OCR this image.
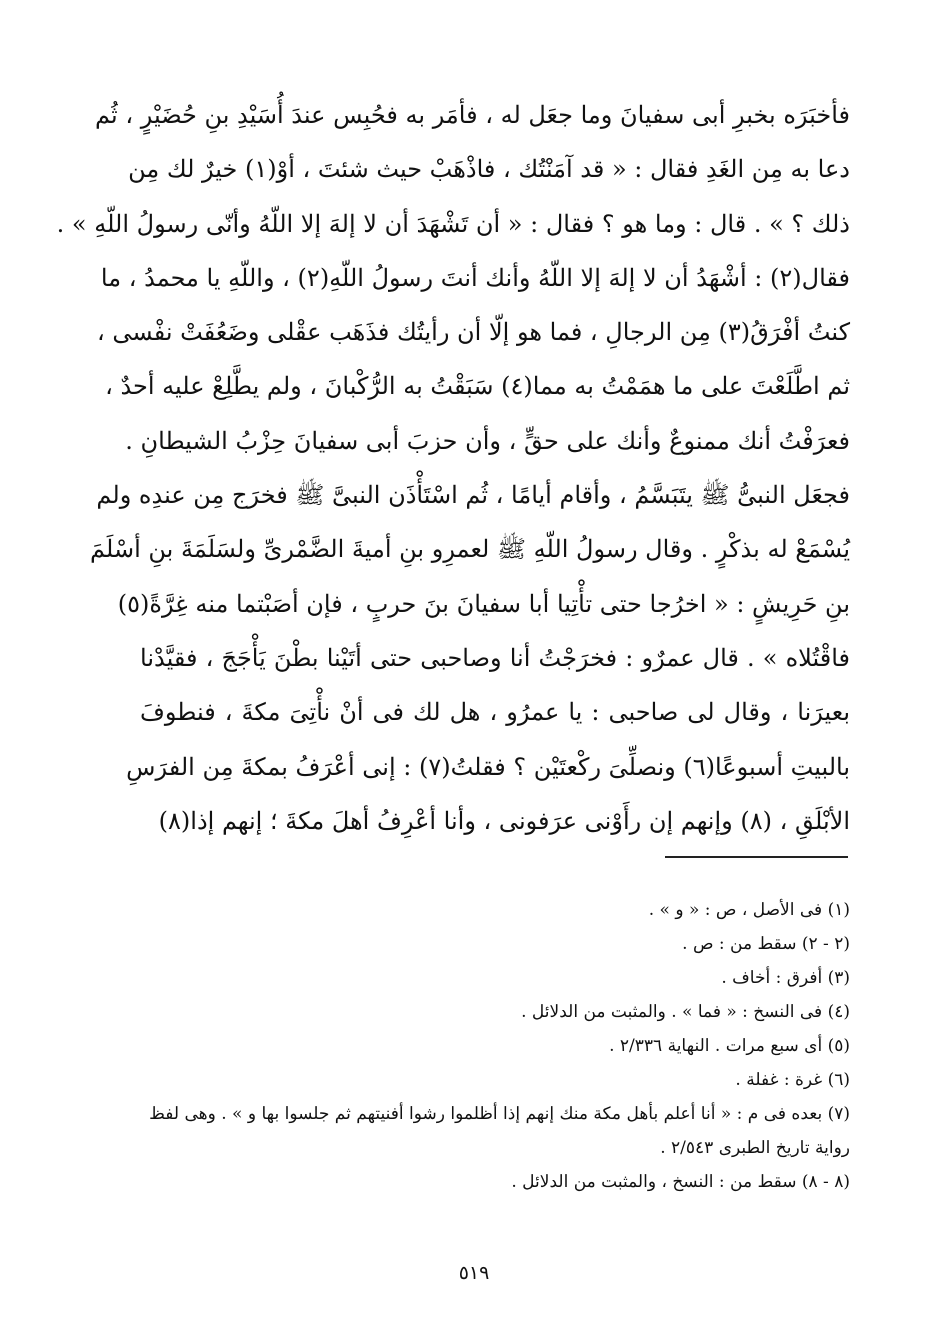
فأخبَرَه بخبرِ أبى سفيانَ وما جعَل له ، فأمَر به فحُبِس عندَ أُسَيْدِ بنِ حُضَيْرٍ ، ثُم
دعا به مِن الغَدِ فقال : « قد آمَنْتُك ، فاذْهَبْ حيث شئتَ ، أوْ(١) خيرٌ لك مِن
ذلك ؟ » . قال : وما هو ؟ فقال : « أن تَشْهَدَ أن لا إلهَ إلا اللّهُ وأنّى رسولُ اللّهِ » .
فقال(٢) : أشْهَدُ أن لا إلهَ إلا اللّهُ وأنك أنتَ رسولُ اللّهِ(٢) ، واللّهِ يا محمدُ ، ما
كنتُ أفْرَقُ(٣) مِن الرجالِ ، فما هو إلّا أن رأيتُك فذَهَب عقْلى وضَعُفَتْ نفْسى ،
ثم اطَّلَعْتَ على ما همَمْتُ به مما(٤) سَبَقْتُ به الرُّكْبانَ ، ولم يطَّلِعْ عليه أحدٌ ،
فعرَفْتُ أنك ممنوعٌ وأنك على حقٍّ ، وأن حزبَ أبى سفيانَ حِزْبُ الشيطانِ .
فجعَل النبىُّ ﷺ يتَبَسَّمُ ، وأقام أيامًا ، ثُم اسْتَأْذَن النبىَّ ﷺ فخرَج مِن عندِه ولم
يُسْمَعْ له بذكْرٍ . وقال رسولُ اللّهِ ﷺ لعمرِو بنِ أميةَ الضَّمْرىِّ ولسَلَمَةَ بنِ أسْلَمَ
بنِ حَرِيشٍ : « اخرُجا حتى تأْتِيا أبا سفيانَ بنَ حربٍ ، فإن أصَبْتما منه غِرَّةً(٥)
فاقْتُلاه » . قال عمرٌو : فخرَجْتُ أنا وصاحبى حتى أتَيْنا بطْنَ يَأْجَجَ ، فقيَّدْنا
بعيرَنا ، وقال لى صاحبى : يا عمرُو ، هل لك فى أنْ نأْتِىَ مكةَ ، فنطوفَ
بالبيتِ أسبوعًا(٦) ونصلِّىَ ركْعتَيْن ؟ فقلتُ(٧) : إنى أعْرَفُ بمكةَ مِن الفرَسِ
الأبْلَقِ ، (٨) وإنهم إن رأَوْنى عرَفونى ، وأنا أعْرِفُ أهلَ مكةَ ؛ إنهم إذا(٨)
(١) فى الأصل ، ص : « و » .
(٢ - ٢) سقط من : ص .
(٣) أفرق : أخاف .
(٤) فى النسخ : « فما » . والمثبت من الدلائل .
(٥) أى سبع مرات . النهاية ٢/٣٣٦ .
(٦) غرة : غفلة .
(٧) بعده فى م : « أنا أعلم بأهل مكة منك إنهم إذا أظلموا رشوا أفنيتهم ثم جلسوا بها و » . وهى لفظ
رواية تاريخ الطبرى ٢/٥٤٣ .
(٨ - ٨) سقط من : النسخ ، والمثبت من الدلائل .
٥١٩
